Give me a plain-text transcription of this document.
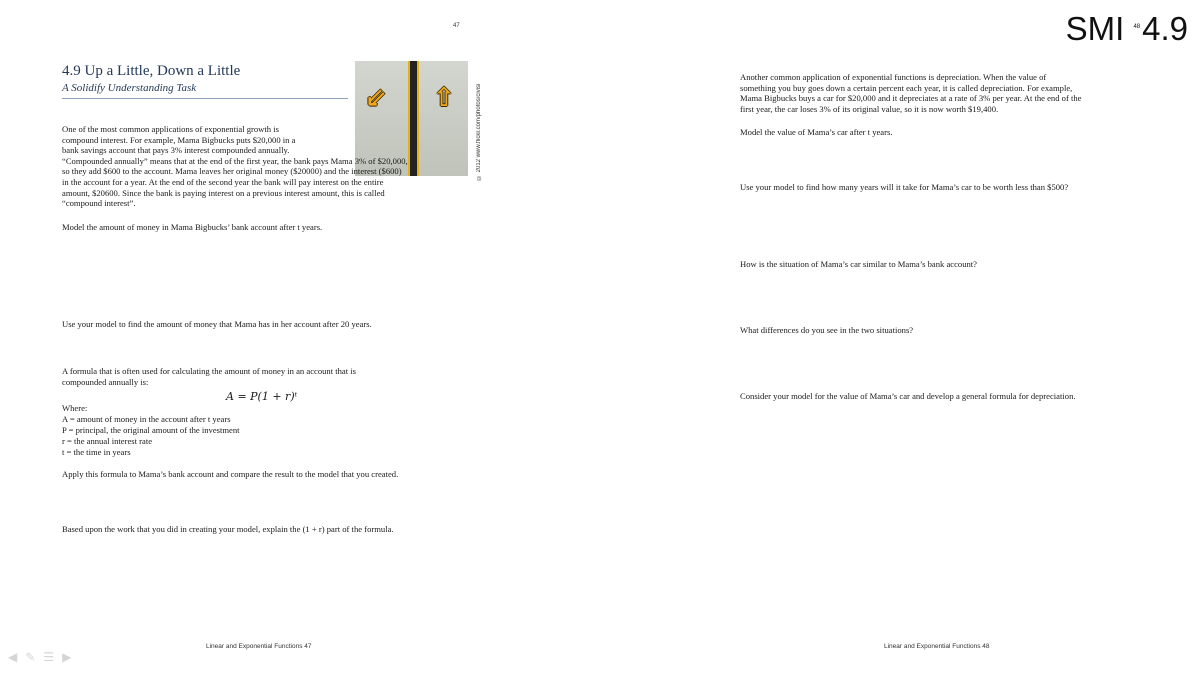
47
4.9 Up a Little, Down a Little
A Solidify Understanding Task	⇙ ⇧	© 2012 www.flickr.com/photos/civisi
One of the most common applications of exponential growth is
compound interest. For example, Mama Bigbucks puts $20,000 in a
bank savings account that pays 3% interest compounded annually.
“Compounded annually” means that at the end of the first year, the bank pays Mama 3% of $20,000,
so they add $600 to the account. Mama leaves her original money ($20000) and the interest ($600)
in the account for a year. At the end of the second year the bank will pay interest on the entire
amount, $20600. Since the bank is paying interest on a previous interest amount, this is called
“compound interest”.
Model the amount of money in Mama Bigbucks’ bank account after t years.
Use your model to find the amount of money that Mama has in her account after 20 years.
A formula that is often used for calculating the amount of money in an account that is
compounded annually is:
A = P(1 + r)ᵗ
Where:
A = amount of money in the account after t years
P = principal, the original amount of the investment
r = the annual interest rate
t = the time in years
Apply this formula to Mama’s bank account and compare the result to the model that you created.
Based upon the work that you did in creating your model, explain the (1 + r) part of the formula.
Linear and Exponential Functions 47
SMI $^{48}$4.9
Another common application of exponential functions is depreciation. When the value of
something you buy goes down a certain percent each year, it is called depreciation. For example,
Mama Bigbucks buys a car for $20,000 and it depreciates at a rate of 3% per year. At the end of the
first year, the car loses 3% of its original value, so it is now worth $19,400.
Model the value of Mama’s car after t years.
Use your model to find how many years will it take for Mama’s car to be worth less than $500?
How is the situation of Mama’s car similar to Mama’s bank account?
What differences do you see in the two situations?
Consider your model for the value of Mama’s car and develop a general formula for depreciation.
Linear and Exponential Functions 48
◀ ✎ ☰ ▶
